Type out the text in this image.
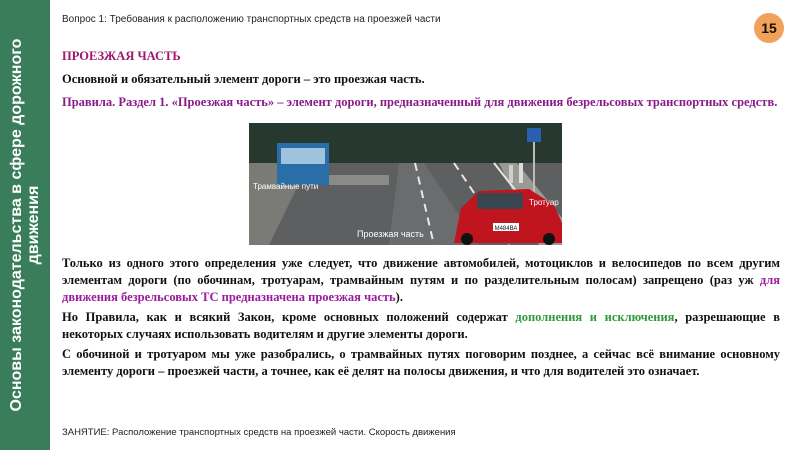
Основы законодательства в сфере дорожного движения
Вопрос 1: Требования к расположению транспортных средств на проезжей части
15

ПРОЕЗЖАЯ ЧАСТЬ

Основной и обязательный элемент дороги – это проезжая часть.

Правила. Раздел 1. «Проезжая часть» – элемент дороги, предназначенный для движения безрельсовых транспортных средств.

М484ВА
Трамвайные пути
Тротуар
Проезжая часть

Только из одного этого определения уже следует, что движение автомобилей, мотоциклов и велосипедов по всем другим элементам дороги (по обочинам, тротуарам, трамвайным путям и по разделительным полосам) запрещено (раз уж для движения безрельсовых ТС предназначена проезжая часть).

Но Правила, как и всякий Закон, кроме основных положений содержат дополнения и исключения, разрешающие в некоторых случаях использовать водителям и другие элементы дороги.

С обочиной и тротуаром мы уже разобрались, о трамвайных путях поговорим позднее, а сейчас всё внимание основному элементу дороги – проезжей части, а точнее, как её делят на полосы движения, и что для водителей это означает.

ЗАНЯТИЕ: Расположение транспортных средств на проезжей части. Скорость движения
